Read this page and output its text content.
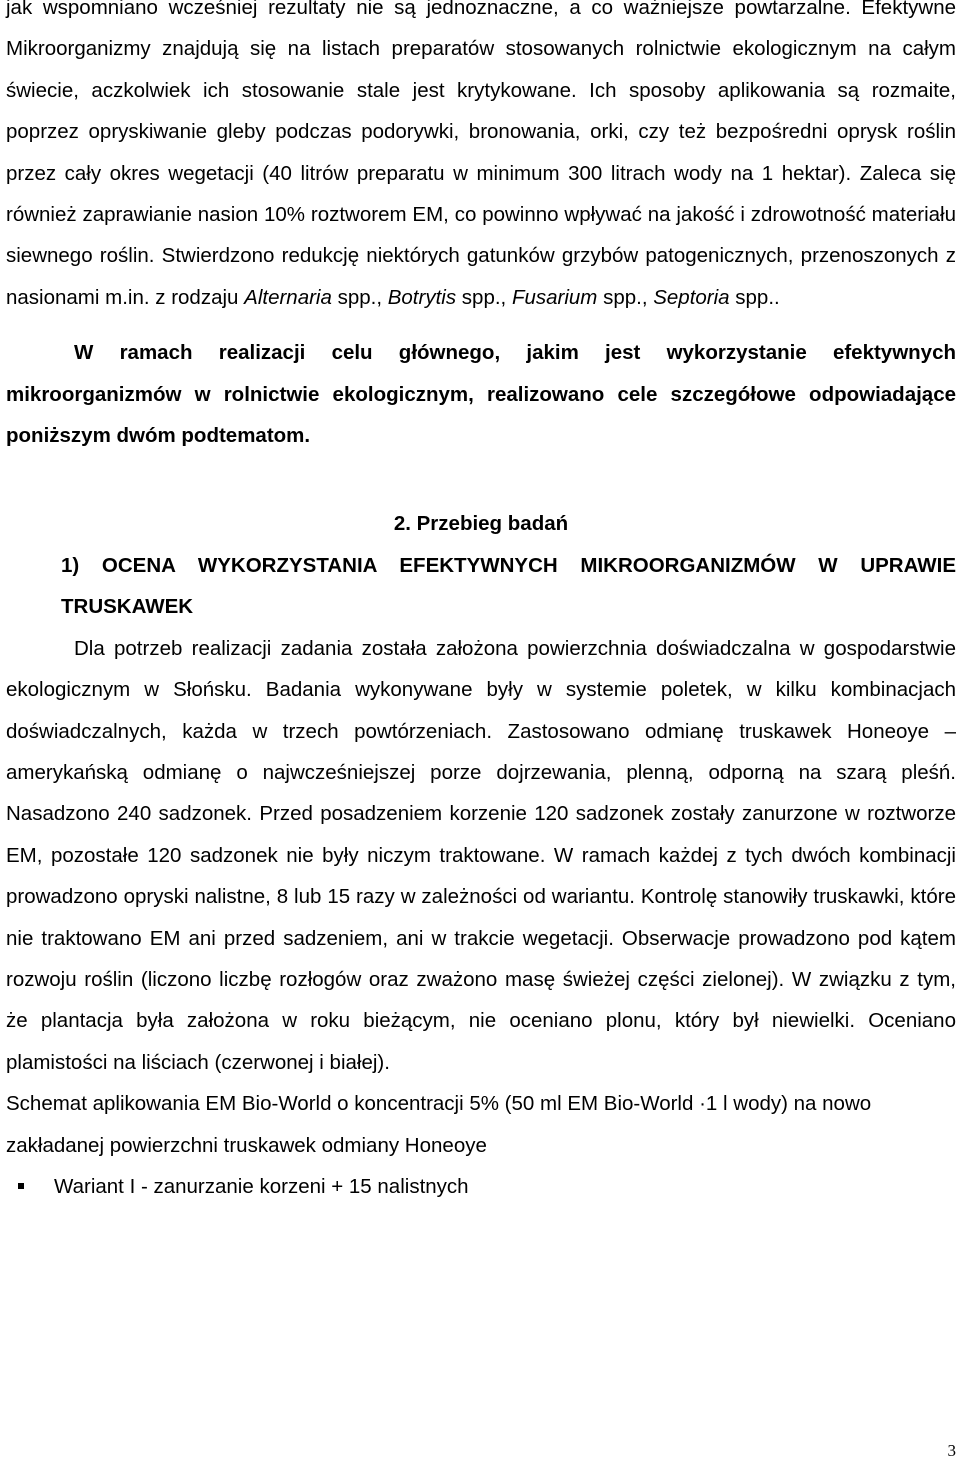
jak wspomniano wcześniej rezultaty nie są jednoznaczne, a co ważniejsze powtarzalne. Efektywne Mikroorganizmy znajdują się na listach preparatów stosowanych rolnictwie ekologicznym na całym świecie, aczkolwiek ich stosowanie stale jest krytykowane. Ich sposoby aplikowania są rozmaite, poprzez opryskiwanie gleby podczas podorywki, bronowania, orki, czy też bezpośredni oprysk roślin przez cały okres wegetacji (40 litrów preparatu w minimum 300 litrach wody na 1 hektar). Zaleca się również zaprawianie nasion 10% roztworem EM, co powinno wpływać na jakość i zdrowotność materiału siewnego roślin. Stwierdzono redukcję niektórych gatunków grzybów patogenicznych, przenoszonych z nasionami m.in. z rodzaju Alternaria spp., Botrytis spp., Fusarium spp., Septoria spp..

W ramach realizacji celu głównego, jakim jest wykorzystanie efektywnych mikroorganizmów w rolnictwie ekologicznym, realizowano cele szczegółowe odpowiadające poniższym dwóm podtematom.

2. Przebieg badań
1) OCENA WYKORZYSTANIA EFEKTYWNYCH MIKROORGANIZMÓW W UPRAWIE TRUSKAWEK

Dla potrzeb realizacji zadania została założona powierzchnia doświadczalna w gospodarstwie ekologicznym w Słońsku. Badania wykonywane były w systemie poletek, w kilku kombinacjach doświadczalnych, każda w trzech powtórzeniach. Zastosowano odmianę truskawek Honeoye – amerykańską odmianę o najwcześniejszej porze dojrzewania, plenną, odporną na szarą pleśń. Nasadzono 240 sadzonek. Przed posadzeniem korzenie 120 sadzonek zostały zanurzone w roztworze EM, pozostałe 120 sadzonek nie były niczym traktowane. W ramach każdej z tych dwóch kombinacji prowadzono opryski nalistne, 8 lub 15 razy w zależności od wariantu. Kontrolę stanowiły truskawki, które nie traktowano EM ani przed sadzeniem, ani w trakcie wegetacji. Obserwacje prowadzono pod kątem rozwoju roślin (liczono liczbę rozłogów oraz zważono masę świeżej części zielonej). W związku z tym, że plantacja była założona w roku bieżącym, nie oceniano plonu, który był niewielki. Oceniano plamistości na liściach (czerwonej i białej).

Schemat aplikowania EM Bio-World o koncentracji 5% (50 ml EM Bio-World ·1 l wody) na nowo zakładanej powierzchni truskawek odmiany Honeoye

Wariant I - zanurzanie korzeni + 15 nalistnych
3
